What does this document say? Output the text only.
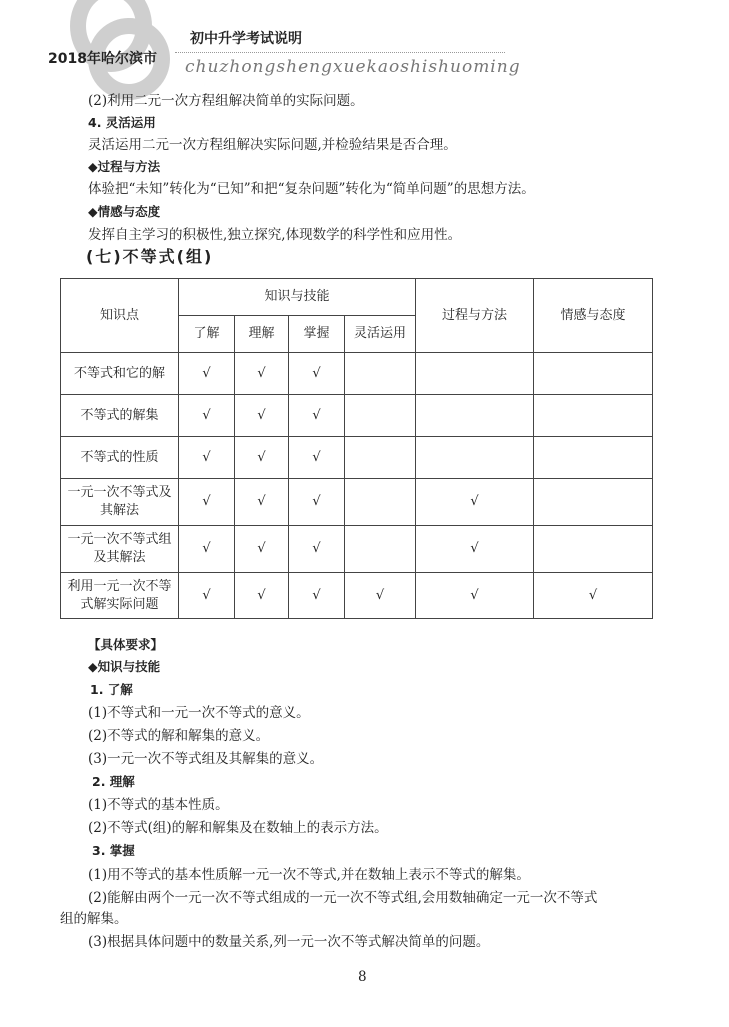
2018年哈尔滨市
初中升学考试说明
chuzhongshengxuekaoshishuoming
(2)利用二元一次方程组解决简单的实际问题。
4. 灵活运用
灵活运用二元一次方程组解决实际问题,并检验结果是否合理。
◆过程与方法
体验把“未知”转化为“已知”和把“复杂问题”转化为“简单问题”的思想方法。
◆情感与态度
发挥自主学习的积极性,独立探究,体现数学的科学性和应用性。
(七)不等式(组)
知识点	知识与技能				过程与方法	情感与态度
	了解	理解	掌握	灵活运用		
不等式和它的解	√	√	√			
不等式的解集	√	√	√			
不等式的性质	√	√	√			
一元一次不等式及其解法	√	√	√		√	
一元一次不等式组及其解法	√	√	√		√	
利用一元一次不等式解实际问题	√	√	√	√	√	√
【具体要求】
◆知识与技能
1. 了解
(1)不等式和一元一次不等式的意义。
(2)不等式的解和解集的意义。
(3)一元一次不等式组及其解集的意义。
2. 理解
(1)不等式的基本性质。
(2)不等式(组)的解和解集及在数轴上的表示方法。
3. 掌握
(1)用不等式的基本性质解一元一次不等式,并在数轴上表示不等式的解集。
(2)能解由两个一元一次不等式组成的一元一次不等式组,会用数轴确定一元一次不等式
组的解集。
(3)根据具体问题中的数量关系,列一元一次不等式解决简单的问题。
8
